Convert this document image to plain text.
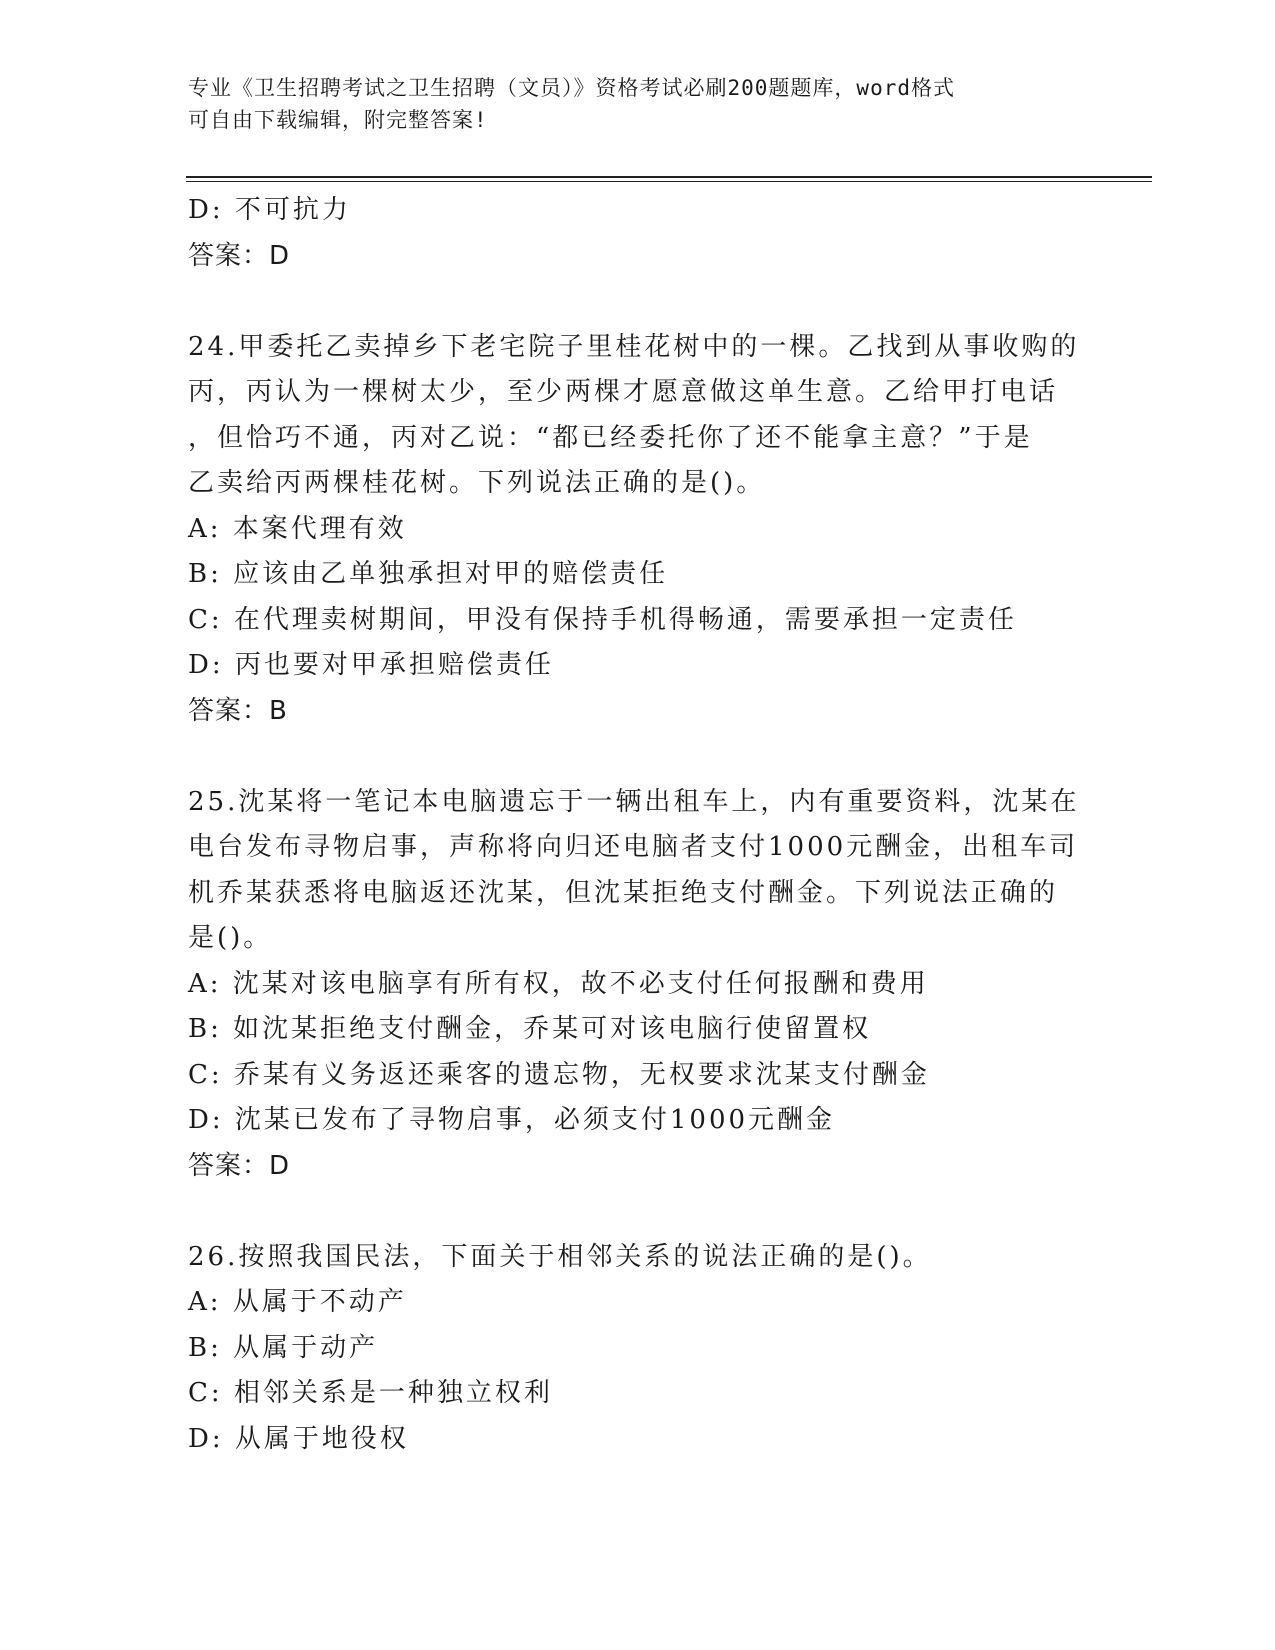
专业《卫生招聘考试之卫生招聘（文员）》资格考试必刷200题题库，word格式
可自由下载编辑，附完整答案!
D: 不可抗力
答案：D
24.甲委托乙卖掉乡下老宅院子里桂花树中的一棵。乙找到从事收购的
丙，丙认为一棵树太少，至少两棵才愿意做这单生意。乙给甲打电话
，但恰巧不通，丙对乙说：“都已经委托你了还不能拿主意？”于是
乙卖给丙两棵桂花树。下列说法正确的是()。
A: 本案代理有效
B: 应该由乙单独承担对甲的赔偿责任
C: 在代理卖树期间，甲没有保持手机得畅通，需要承担一定责任
D: 丙也要对甲承担赔偿责任
答案：B
25.沈某将一笔记本电脑遗忘于一辆出租车上，内有重要资料，沈某在
电台发布寻物启事，声称将向归还电脑者支付1000元酬金，出租车司
机乔某获悉将电脑返还沈某，但沈某拒绝支付酬金。下列说法正确的
是()。
A: 沈某对该电脑享有所有权，故不必支付任何报酬和费用
B: 如沈某拒绝支付酬金，乔某可对该电脑行使留置权
C: 乔某有义务返还乘客的遗忘物，无权要求沈某支付酬金
D: 沈某已发布了寻物启事，必须支付1000元酬金
答案：D
26.按照我国民法，下面关于相邻关系的说法正确的是()。
A: 从属于不动产
B: 从属于动产
C: 相邻关系是一种独立权利
D: 从属于地役权
